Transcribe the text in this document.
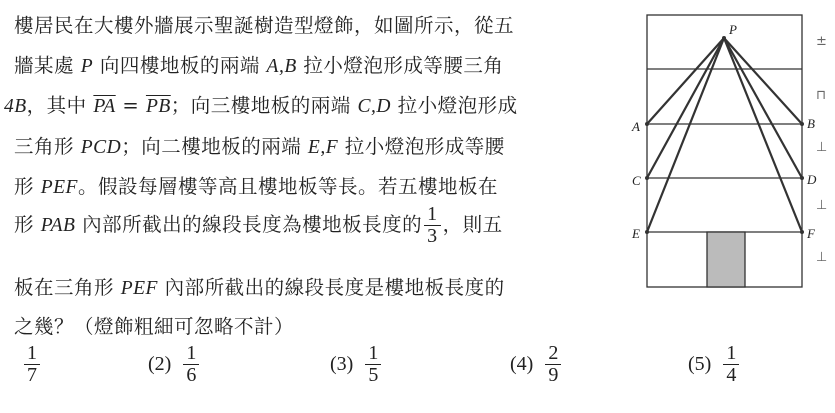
樓居民在大樓外牆展示聖誕樹造型燈飾，如圖所示，從五
牆某處 P 向四樓地板的兩端 A,B 拉小燈泡形成等腰三角
4B，其中 $\overline{PA} = \overline{PB}$；向三樓地板的兩端 C,D 拉小燈泡形成
三角形 PCD；向二樓地板的兩端 E,F 拉小燈泡形成等腰
形 PEF。假設每層樓等高且樓地板等長。若五樓地板在
形 PAB 內部所截出的線段長度為樓地板長度的 $\frac{1}{3}$ ，則五
板在三角形 PEF 內部所截出的線段長度是樓地板長度的
之幾？（燈飾粗細可忽略不計）
$\frac{1}{7}$	$(2) \frac{1}{6}$	$(3) \frac{1}{5}$	$(4) \frac{2}{9}$	$(5) \frac{1}{4}$
P
A	B
C	D
E	F
±
⊓
⊥
⊥
⊥
